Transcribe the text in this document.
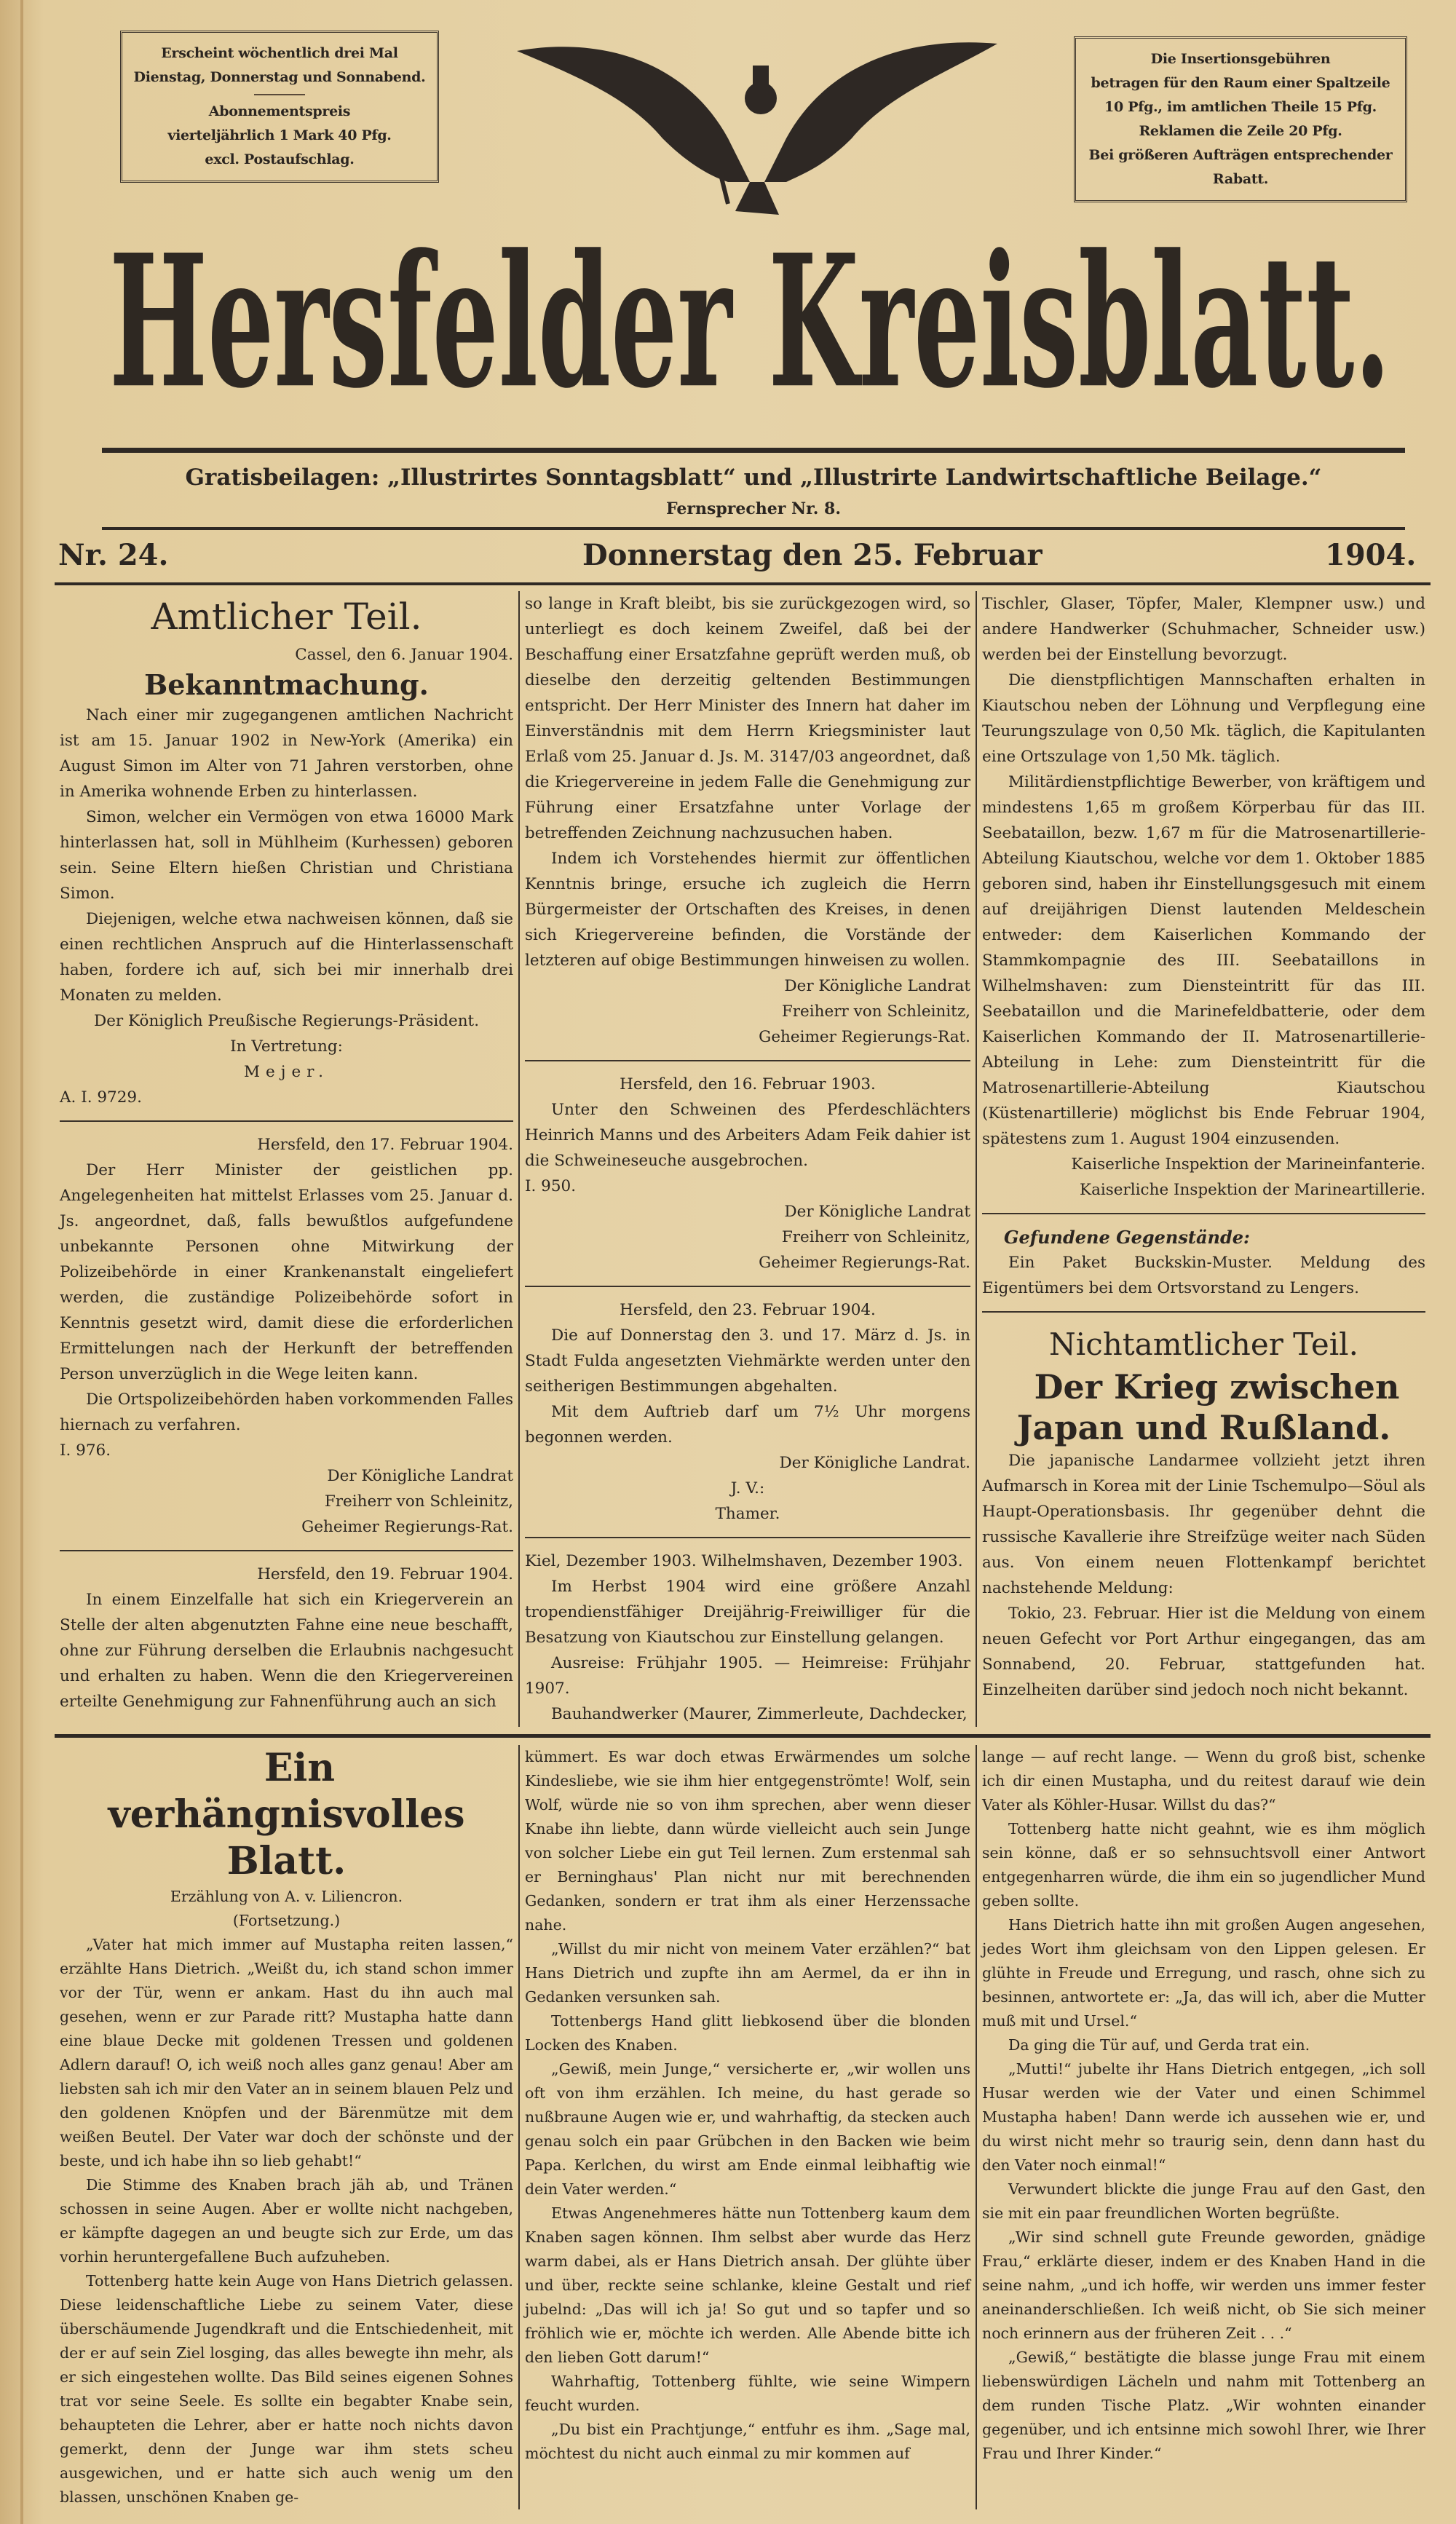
Erscheint wöchentlich drei Mal
Dienstag, Donnerstag und Sonnabend.
Abonnementspreis
vierteljährlich 1 Mark 40 Pfg.
excl. Postaufschlag.
Die Insertionsgebühren
betragen für den Raum einer Spaltzeile
10 Pfg., im amtlichen Theile 15 Pfg.
Reklamen die Zeile 20 Pfg.
Bei größeren Aufträgen entsprechender
Rabatt.
Hersfelder Kreisblatt.
Gratisbeilagen: „Illustrirtes Sonntagsblatt“ und „Illustrirte Landwirtschaftliche Beilage.“
Fernsprecher Nr. 8.
Nr. 24.	Donnerstag den 25. Februar	1904.
Amtlicher Teil.

Cassel, den 6. Januar 1904.

Bekanntmachung.

Nach einer mir zugegangenen amtlichen Nachricht ist am 15. Januar 1902 in New-York (Amerika) ein August Simon im Alter von 71 Jahren verstorben, ohne in Amerika wohnende Erben zu hinterlassen.

Simon, welcher ein Vermögen von etwa 16000 Mark hinterlassen hat, soll in Mühlheim (Kurhessen) geboren sein. Seine Eltern hießen Christian und Christiana Simon.

Diejenigen, welche etwa nachweisen können, daß sie einen rechtlichen Anspruch auf die Hinterlassenschaft haben, fordere ich auf, sich bei mir innerhalb drei Monaten zu melden.

Der Königlich Preußische Regierungs-Präsident.

In Vertretung:

Mejer.

A. I. 9729.

Hersfeld, den 17. Februar 1904.

Der Herr Minister der geistlichen pp. Angelegenheiten hat mittelst Erlasses vom 25. Januar d. Js. angeordnet, daß, falls bewußtlos aufgefundene unbekannte Personen ohne Mitwirkung der Polizeibehörde in einer Krankenanstalt eingeliefert werden, die zuständige Polizeibehörde sofort in Kenntnis gesetzt wird, damit diese die erforderlichen Ermittelungen nach der Herkunft der betreffenden Person unverzüglich in die Wege leiten kann.

Die Ortspolizeibehörden haben vorkommenden Falles hiernach zu verfahren.

I. 976.

Der Königliche Landrat

Freiherr von Schleinitz,

Geheimer Regierungs-Rat.

Hersfeld, den 19. Februar 1904.

In einem Einzelfalle hat sich ein Kriegerverein an Stelle der alten abgenutzten Fahne eine neue beschafft, ohne zur Führung derselben die Erlaubnis nachgesucht und erhalten zu haben. Wenn die den Kriegervereinen erteilte Genehmigung zur Fahnenführung auch an sich

so lange in Kraft bleibt, bis sie zurückgezogen wird, so unterliegt es doch keinem Zweifel, daß bei der Beschaffung einer Ersatzfahne geprüft werden muß, ob dieselbe den derzeitig geltenden Bestimmungen entspricht. Der Herr Minister des Innern hat daher im Einverständnis mit dem Herrn Kriegsminister laut Erlaß vom 25. Januar d. Js. M. 3147/03 angeordnet, daß die Kriegervereine in jedem Falle die Genehmigung zur Führung einer Ersatzfahne unter Vorlage der betreffenden Zeichnung nachzusuchen haben.

Indem ich Vorstehendes hiermit zur öffentlichen Kenntnis bringe, ersuche ich zugleich die Herrn Bürgermeister der Ortschaften des Kreises, in denen sich Kriegervereine befinden, die Vorstände der letzteren auf obige Bestimmungen hinweisen zu wollen.

Der Königliche Landrat

Freiherr von Schleinitz,

Geheimer Regierungs-Rat.

Hersfeld, den 16. Februar 1903.

Unter den Schweinen des Pferdeschlächters Heinrich Manns und des Arbeiters Adam Feik dahier ist die Schweineseuche ausgebrochen.

I. 950.

Der Königliche Landrat

Freiherr von Schleinitz,

Geheimer Regierungs-Rat.

Hersfeld, den 23. Februar 1904.

Die auf Donnerstag den 3. und 17. März d. Js. in Stadt Fulda angesetzten Viehmärkte werden unter den seitherigen Bestimmungen abgehalten.

Mit dem Auftrieb darf um 7½ Uhr morgens begonnen werden.

Der Königliche Landrat.

J. V.:

Thamer.

Kiel, Dezember 1903. Wilhelmshaven, Dezember 1903.

Im Herbst 1904 wird eine größere Anzahl tropendienstfähiger Dreijährig-Freiwilliger für die Besatzung von Kiautschou zur Einstellung gelangen.

Ausreise: Frühjahr 1905. — Heimreise: Frühjahr 1907.

Bauhandwerker (Maurer, Zimmerleute, Dachdecker,

Tischler, Glaser, Töpfer, Maler, Klempner usw.) und andere Handwerker (Schuhmacher, Schneider usw.) werden bei der Einstellung bevorzugt.

Die dienstpflichtigen Mannschaften erhalten in Kiautschou neben der Löhnung und Verpflegung eine Teurungszulage von 0,50 Mk. täglich, die Kapitulanten eine Ortszulage von 1,50 Mk. täglich.

Militärdienstpflichtige Bewerber, von kräftigem und mindestens 1,65 m großem Körperbau für das III. Seebataillon, bezw. 1,67 m für die Matrosenartillerie-Abteilung Kiautschou, welche vor dem 1. Oktober 1885 geboren sind, haben ihr Einstellungsgesuch mit einem auf dreijährigen Dienst lautenden Meldeschein entweder: dem Kaiserlichen Kommando der Stammkompagnie des III. Seebataillons in Wilhelmshaven: zum Diensteintritt für das III. Seebataillon und die Marinefeldbatterie, oder dem Kaiserlichen Kommando der II. Matrosenartillerie-Abteilung in Lehe: zum Diensteintritt für die Matrosenartillerie-Abteilung Kiautschou (Küstenartillerie) möglichst bis Ende Februar 1904, spätestens zum 1. August 1904 einzusenden.

Kaiserliche Inspektion der Marineinfanterie.

Kaiserliche Inspektion der Marineartillerie.

Gefundene Gegenstände:

Ein Paket Buckskin-Muster. Meldung des Eigentümers bei dem Ortsvorstand zu Lengers.

Nichtamtlicher Teil.

Der Krieg zwischen Japan und Rußland.

Die japanische Landarmee vollzieht jetzt ihren Aufmarsch in Korea mit der Linie Tschemulpo—Söul als Haupt-Operationsbasis. Ihr gegenüber dehnt die russische Kavallerie ihre Streifzüge weiter nach Süden aus. Von einem neuen Flottenkampf berichtet nachstehende Meldung:

Tokio, 23. Februar. Hier ist die Meldung von einem neuen Gefecht vor Port Arthur eingegangen, das am Sonnabend, 20. Februar, stattgefunden hat. Einzelheiten darüber sind jedoch noch nicht bekannt.

Ein verhängnisvolles Blatt.

Erzählung von A. v. Liliencron.

(Fortsetzung.)

„Vater hat mich immer auf Mustapha reiten lassen,“ erzählte Hans Dietrich. „Weißt du, ich stand schon immer vor der Tür, wenn er ankam. Hast du ihn auch mal gesehen, wenn er zur Parade ritt? Mustapha hatte dann eine blaue Decke mit goldenen Tressen und goldenen Adlern darauf! O, ich weiß noch alles ganz genau! Aber am liebsten sah ich mir den Vater an in seinem blauen Pelz und den goldenen Knöpfen und der Bärenmütze mit dem weißen Beutel. Der Vater war doch der schönste und der beste, und ich habe ihn so lieb gehabt!“

Die Stimme des Knaben brach jäh ab, und Tränen schossen in seine Augen. Aber er wollte nicht nachgeben, er kämpfte dagegen an und beugte sich zur Erde, um das vorhin heruntergefallene Buch aufzuheben.

Tottenberg hatte kein Auge von Hans Dietrich gelassen. Diese leidenschaftliche Liebe zu seinem Vater, diese überschäumende Jugendkraft und die Entschiedenheit, mit der er auf sein Ziel losging, das alles bewegte ihn mehr, als er sich eingestehen wollte. Das Bild seines eigenen Sohnes trat vor seine Seele. Es sollte ein begabter Knabe sein, behaupteten die Lehrer, aber er hatte noch nichts davon gemerkt, denn der Junge war ihm stets scheu ausgewichen, und er hatte sich auch wenig um den blassen, unschönen Knaben ge-

kümmert. Es war doch etwas Erwärmendes um solche Kindesliebe, wie sie ihm hier entgegenströmte! Wolf, sein Wolf, würde nie so von ihm sprechen, aber wenn dieser Knabe ihn liebte, dann würde vielleicht auch sein Junge von solcher Liebe ein gut Teil lernen. Zum erstenmal sah er Berninghaus' Plan nicht nur mit berechnenden Gedanken, sondern er trat ihm als einer Herzenssache nahe.

„Willst du mir nicht von meinem Vater erzählen?“ bat Hans Dietrich und zupfte ihn am Aermel, da er ihn in Gedanken versunken sah.

Tottenbergs Hand glitt liebkosend über die blonden Locken des Knaben.

„Gewiß, mein Junge,“ versicherte er, „wir wollen uns oft von ihm erzählen. Ich meine, du hast gerade so nußbraune Augen wie er, und wahrhaftig, da stecken auch genau solch ein paar Grübchen in den Backen wie beim Papa. Kerlchen, du wirst am Ende einmal leibhaftig wie dein Vater werden.“

Etwas Angenehmeres hätte nun Tottenberg kaum dem Knaben sagen können. Ihm selbst aber wurde das Herz warm dabei, als er Hans Dietrich ansah. Der glühte über und über, reckte seine schlanke, kleine Gestalt und rief jubelnd: „Das will ich ja! So gut und so tapfer und so fröhlich wie er, möchte ich werden. Alle Abende bitte ich den lieben Gott darum!“

Wahrhaftig, Tottenberg fühlte, wie seine Wimpern feucht wurden.

„Du bist ein Prachtjunge,“ entfuhr es ihm. „Sage mal, möchtest du nicht auch einmal zu mir kommen auf

lange — auf recht lange. — Wenn du groß bist, schenke ich dir einen Mustapha, und du reitest darauf wie dein Vater als Köhler-Husar. Willst du das?“

Tottenberg hatte nicht geahnt, wie es ihm möglich sein könne, daß er so sehnsuchtsvoll einer Antwort entgegenharren würde, die ihm ein so jugendlicher Mund geben sollte.

Hans Dietrich hatte ihn mit großen Augen angesehen, jedes Wort ihm gleichsam von den Lippen gelesen. Er glühte in Freude und Erregung, und rasch, ohne sich zu besinnen, antwortete er: „Ja, das will ich, aber die Mutter muß mit und Ursel.“

Da ging die Tür auf, und Gerda trat ein.

„Mutti!“ jubelte ihr Hans Dietrich entgegen, „ich soll Husar werden wie der Vater und einen Schimmel Mustapha haben! Dann werde ich aussehen wie er, und du wirst nicht mehr so traurig sein, denn dann hast du den Vater noch einmal!“

Verwundert blickte die junge Frau auf den Gast, den sie mit ein paar freundlichen Worten begrüßte.

„Wir sind schnell gute Freunde geworden, gnädige Frau,“ erklärte dieser, indem er des Knaben Hand in die seine nahm, „und ich hoffe, wir werden uns immer fester aneinanderschließen. Ich weiß nicht, ob Sie sich meiner noch erinnern aus der früheren Zeit . . .“

„Gewiß,“ bestätigte die blasse junge Frau mit einem liebenswürdigen Lächeln und nahm mit Tottenberg an dem runden Tische Platz. „Wir wohnten einander gegenüber, und ich entsinne mich sowohl Ihrer, wie Ihrer Frau und Ihrer Kinder.“
